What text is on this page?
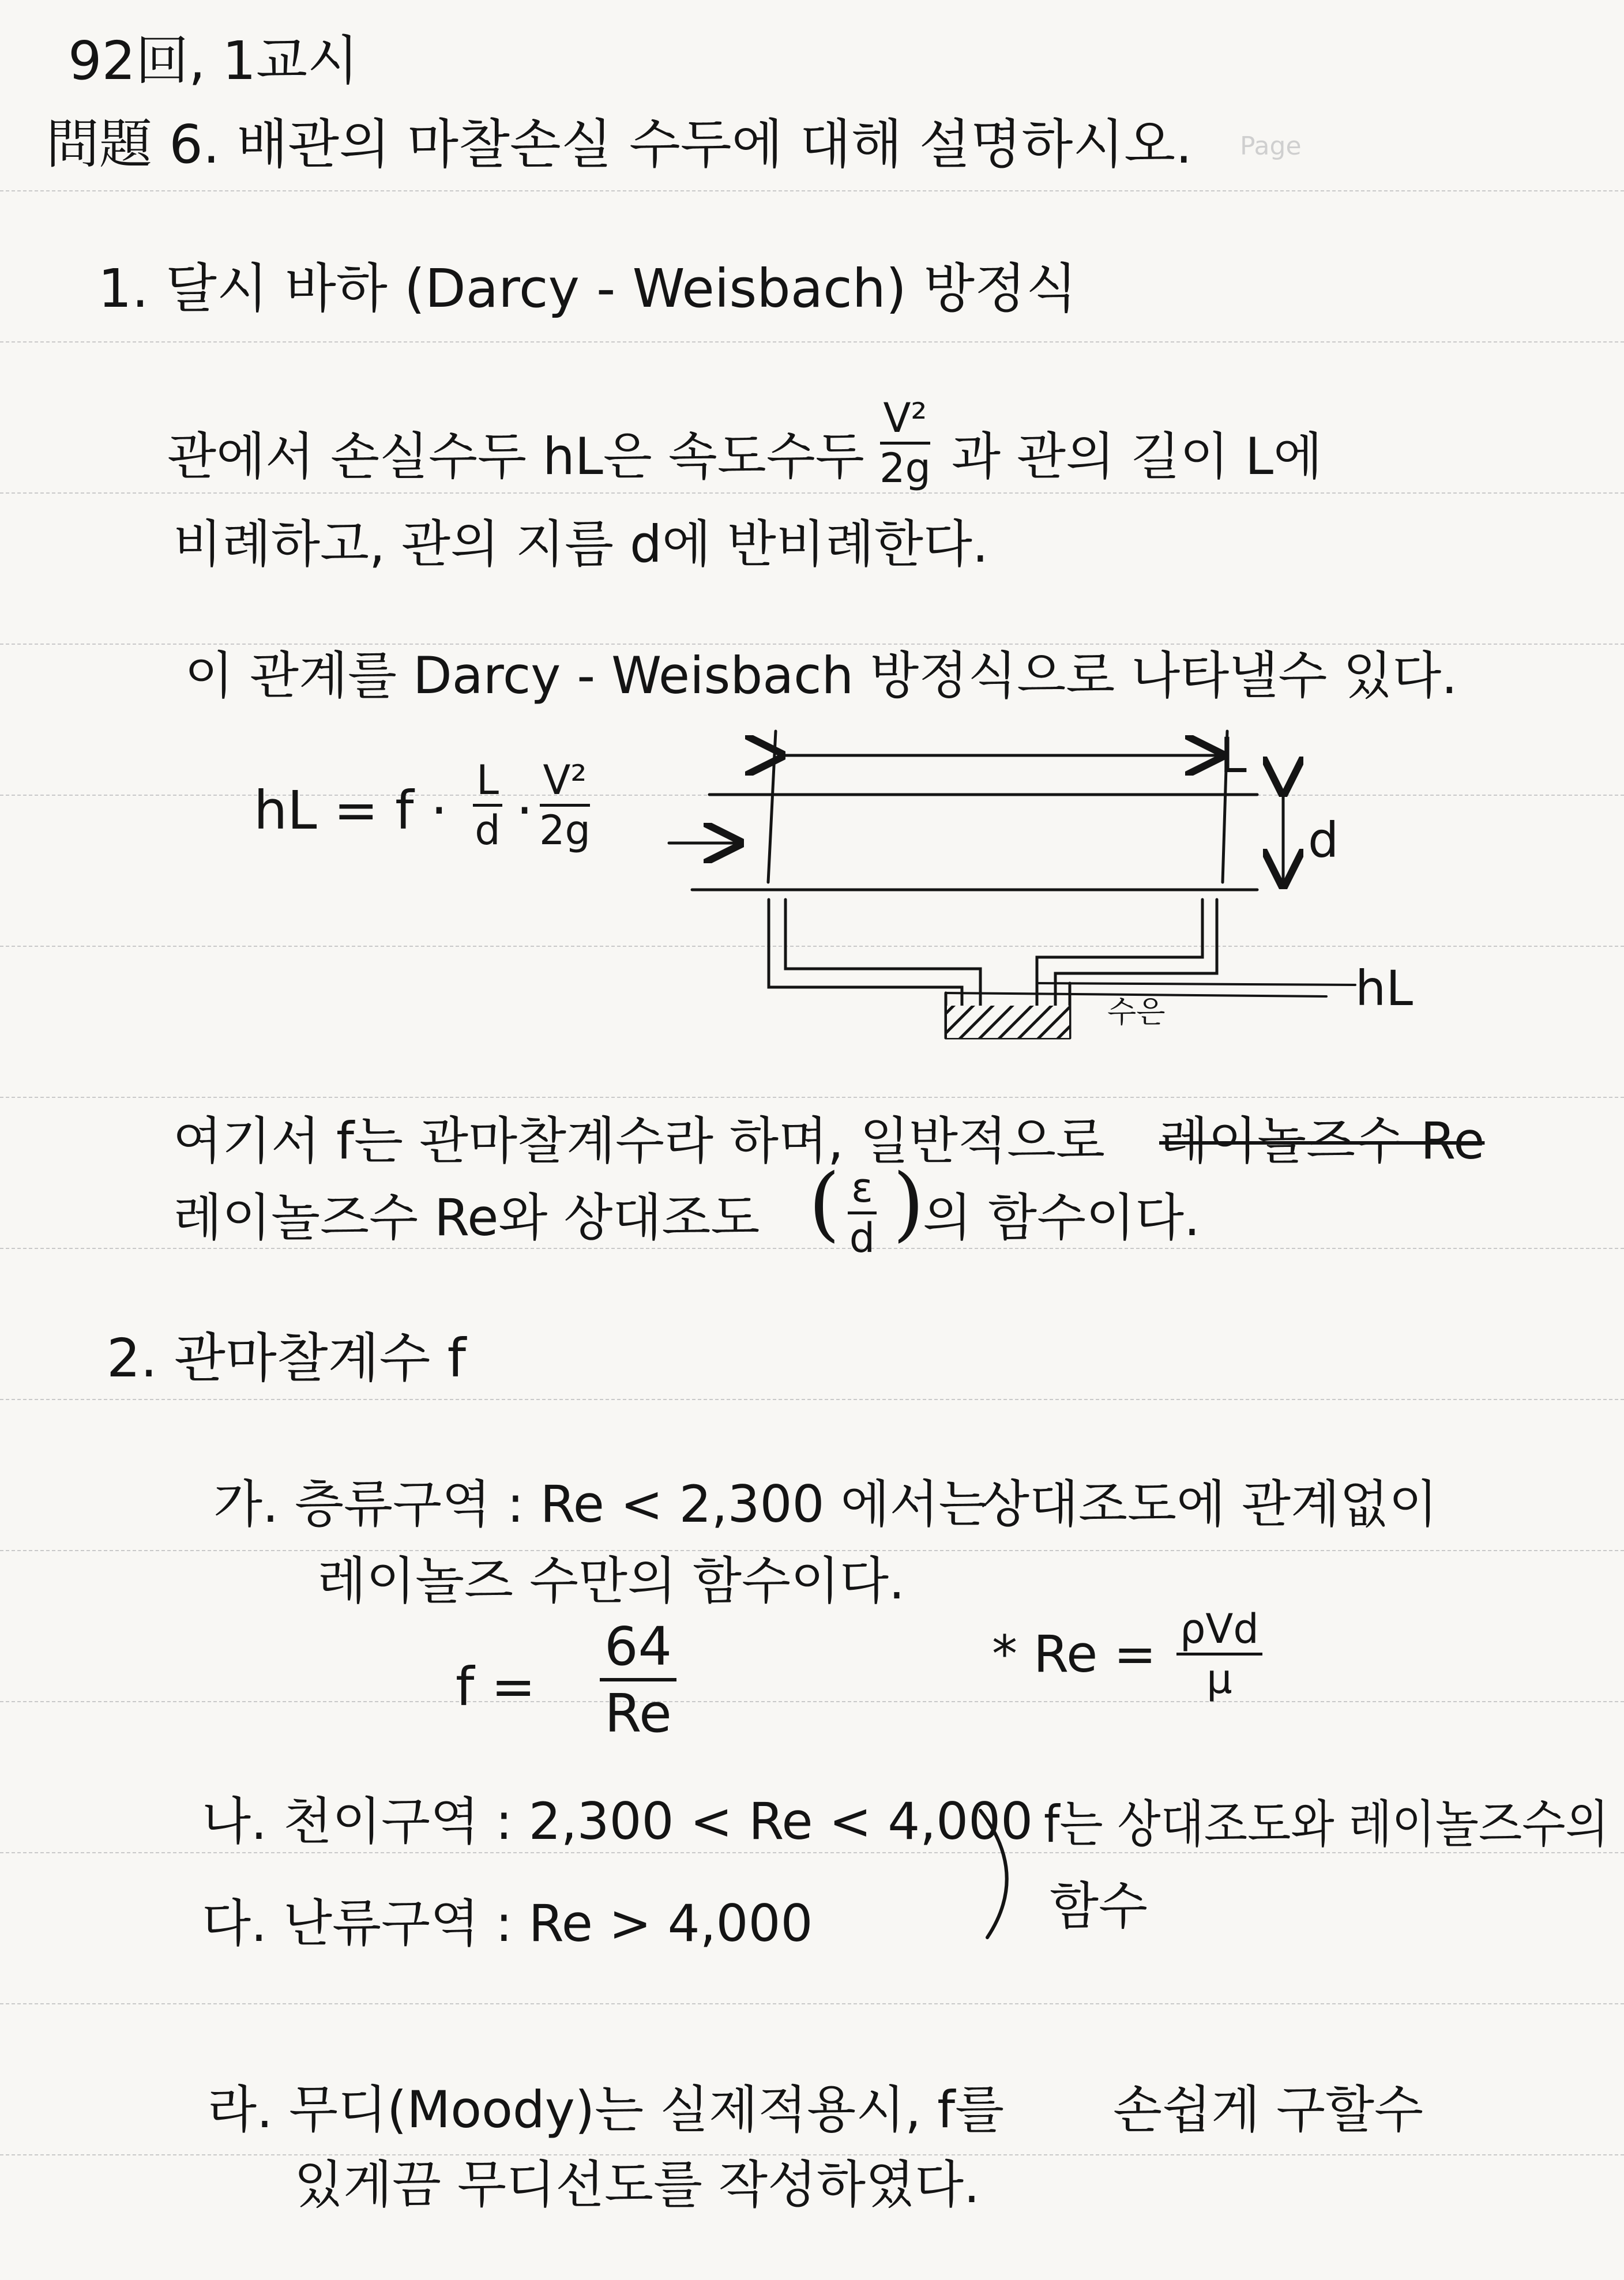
Page
92回, 1교시
問題 6. 배관의 마찰손실 수두에 대해 설명하시오.
1. 달시 바하 (Darcy - Weisbach) 방정식
관에서 손실수두 hL은 속도수두 $\frac{\text{V²}}{2g}$ 과 관의 길이 L에
비례하고, 관의 지름 d에 반비례한다.
이 관계를 Darcy - Weisbach 방정식으로 나타낼수 있다.
hL = $f \cdot \frac{L}{d} \cdot \frac{\text{V²}}{2g}$
L
d
hL
수은
여기서 f는 관마찰계수라 하며, 일반적으로 레이놀즈수 Re
레이놀즈수 Re와 상대조도 ( $\frac{\varepsilon}{d}$ )
의 함수이다.
2. 관마찰계수 f
가. 층류구역 : Re < 2,300 에서는
상대조도에 관계없이
레이놀즈 수만의 함수이다.
$f = \frac{64}{Re}$	* Re = ρVd
μ
나. 천이구역 : 2,300 < Re < 4,000
다. 난류구역 : Re > 4,000
f는 상대조도와 레이놀즈수의
함수
라. 무디(Moody)는 실제적용시, f를 손쉽게 구할수
있게끔 무디선도를 작성하였다.
